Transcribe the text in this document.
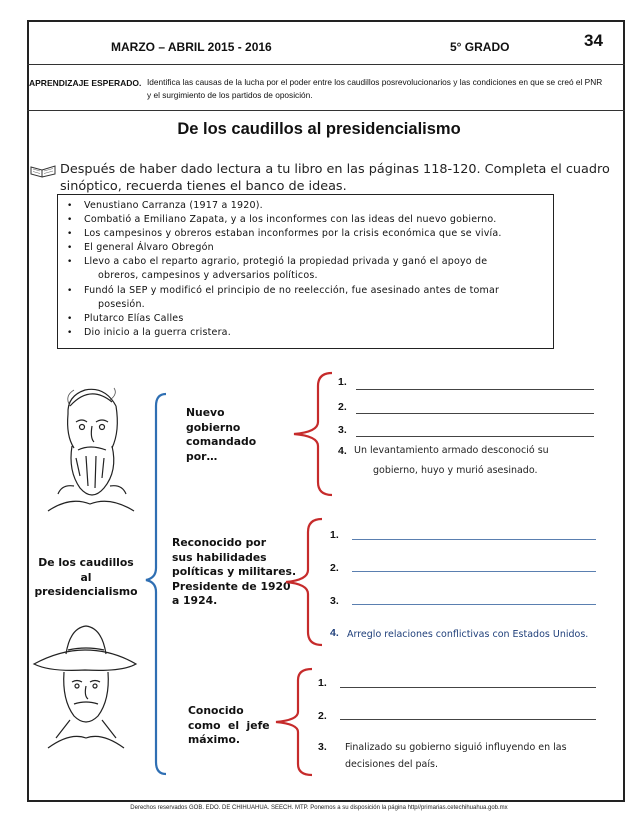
MARZO – ABRIL 2015 - 2016	5° GRADO	34
APRENDIZAJE ESPERADO. Identifica las causas de la lucha por el poder entre los caudillos posrevolucionarios y las condiciones en que se creó el PNR
y el surgimiento de los partidos de oposición.
De los caudillos al presidencialismo
Después de haber dado lectura a tu libro en las páginas 118-120. Completa el cuadro
sinóptico, recuerda tienes el banco de ideas.
• Venustiano Carranza (1917 a 1920).
• Combatió a Emiliano Zapata, y a los inconformes con las ideas del nuevo gobierno.
• Los campesinos y obreros estaban inconformes por la crisis económica que se vivía.
• El general Álvaro Obregón
• Llevo a cabo el reparto agrario, protegió la propiedad privada y ganó el apoyo de
obreros, campesinos y adversarios políticos.
• Fundó la SEP y modificó el principio de no reelección, fue asesinado antes de tomar
posesión.
• Plutarco Elías Calles
• Dio inicio a la guerra cristera.
De los caudillos
al
presidencialismo
Nuevo
gobierno
comandado
por…
1.
2.
3.
4. Un levantamiento armado desconoció su
gobierno, huyo y murió asesinado.
Reconocido por
sus habilidades
políticas y militares.
Presidente de 1920
a 1924.
1.
2.
3.
4. Arreglo relaciones conflictivas con Estados Unidos.
Conocido
como  el  jefe
máximo.
1.
2.
3. Finalizado su gobierno siguió influyendo en las
decisiones del país.
Derechos reservados GOB. EDO. DE CHIHUAHUA. SEECH. MTP. Ponemos a su disposición la página http//primarias.cetechihuahua.gob.mx
